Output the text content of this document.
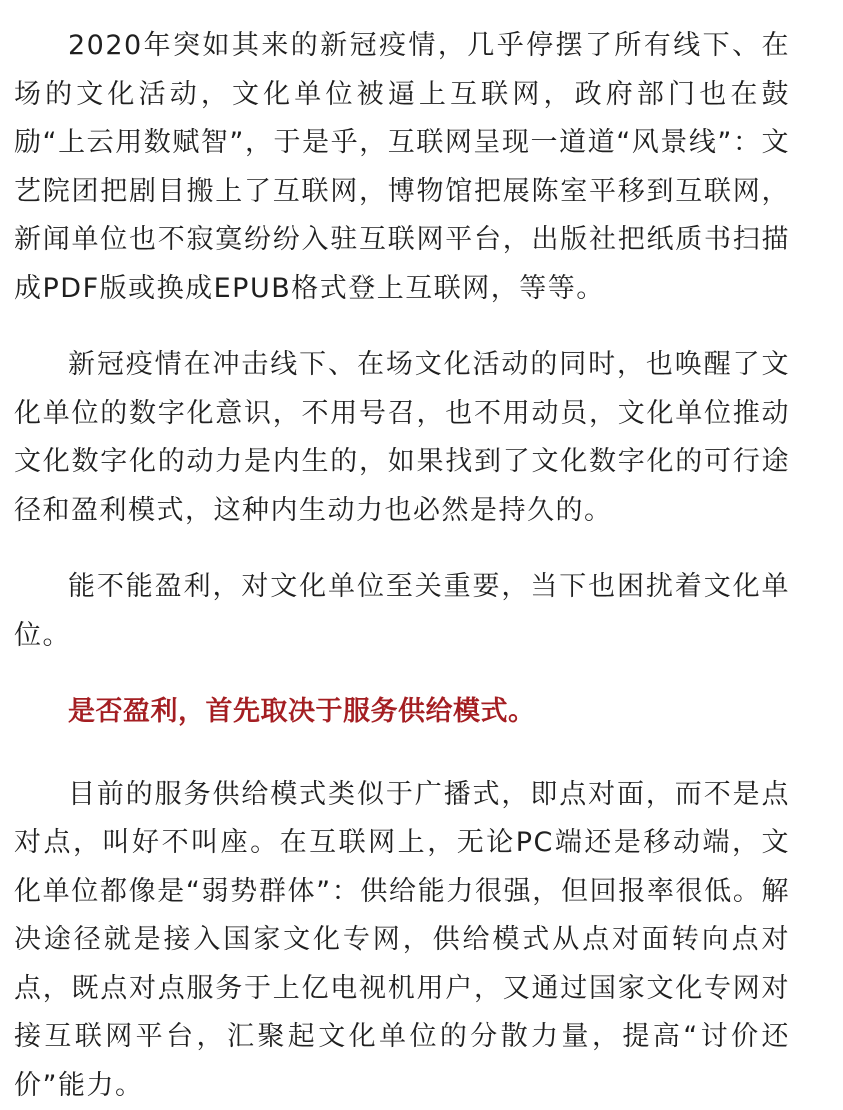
2020年突如其来的新冠疫情，几乎停摆了所有线下、在场的文化活动，文化单位被逼上互联网，政府部门也在鼓励“上云用数赋智”，于是乎，互联网呈现一道道“风景线”：文艺院团把剧目搬上了互联网，博物馆把展陈室平移到互联网，新闻单位也不寂寞纷纷入驻互联网平台，出版社把纸质书扫描成PDF版或换成EPUB格式登上互联网，等等。

新冠疫情在冲击线下、在场文化活动的同时，也唤醒了文化单位的数字化意识，不用号召，也不用动员，文化单位推动文化数字化的动力是内生的，如果找到了文化数字化的可行途径和盈利模式，这种内生动力也必然是持久的。

能不能盈利，对文化单位至关重要，当下也困扰着文化单位。

是否盈利，首先取决于服务供给模式。

目前的服务供给模式类似于广播式，即点对面，而不是点对点，叫好不叫座。在互联网上，无论PC端还是移动端，文化单位都像是“弱势群体”：供给能力很强，但回报率很低。解决途径就是接入国家文化专网，供给模式从点对面转向点对点，既点对点服务于上亿电视机用户，又通过国家文化专网对接互联网平台，汇聚起文化单位的分散力量，提高“讨价还价”能力。
